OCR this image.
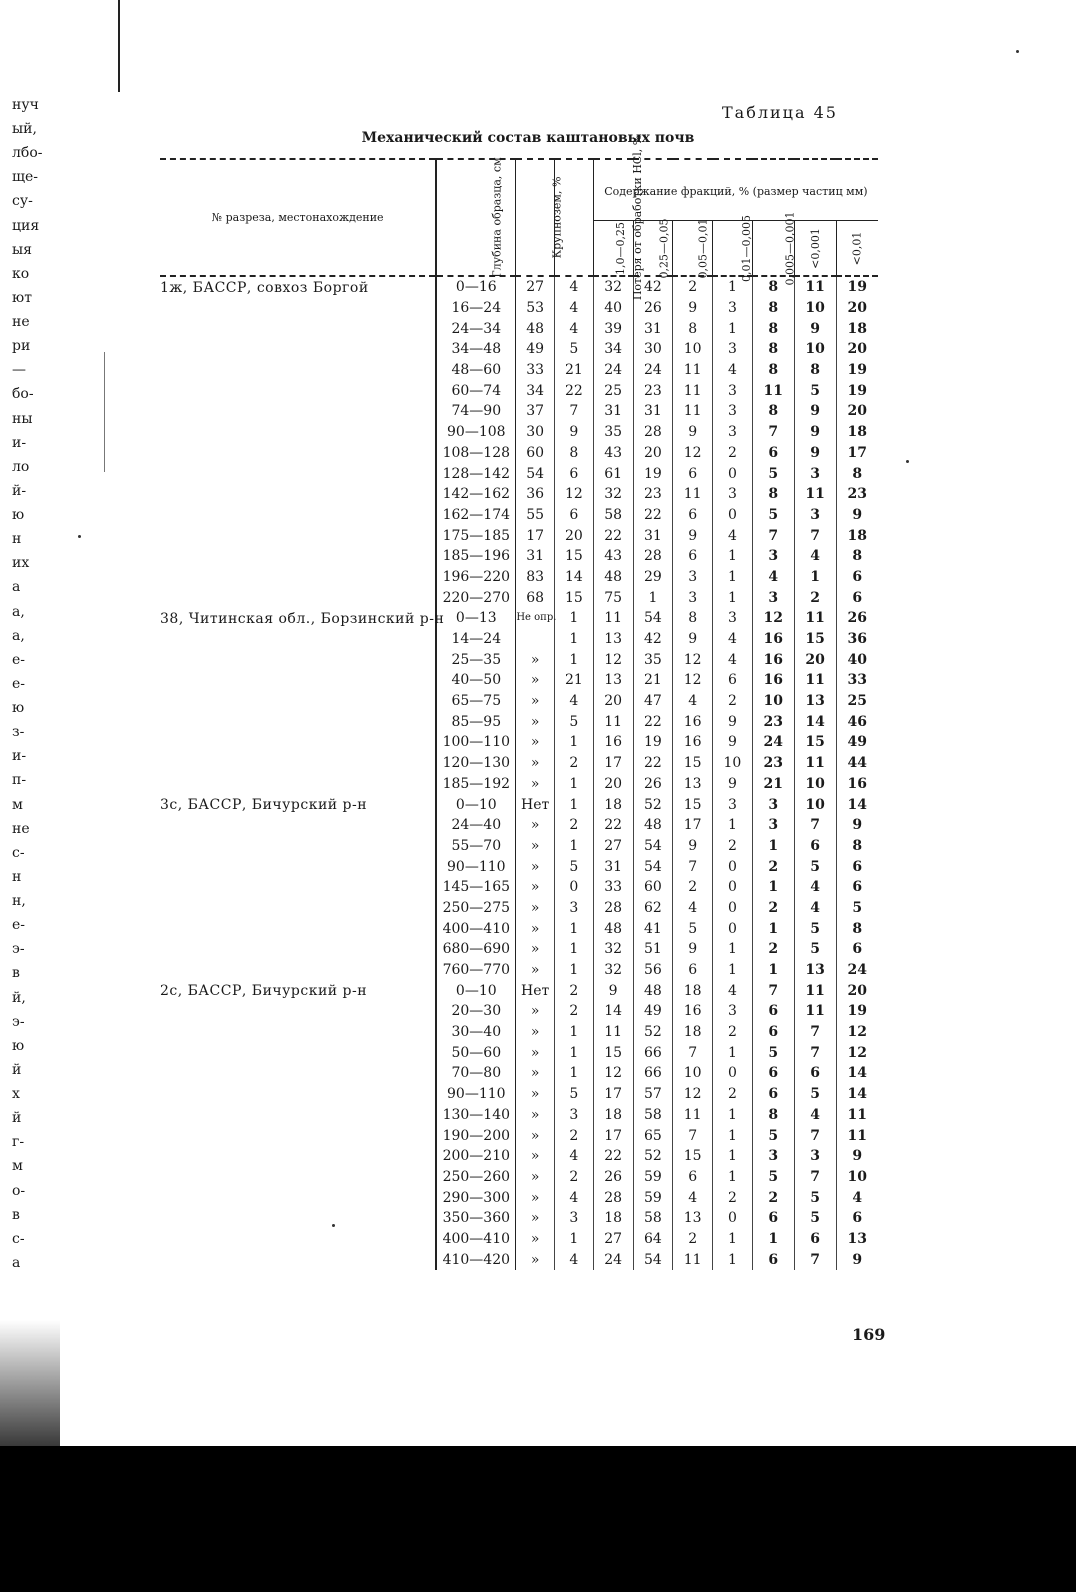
нуч
ый,
лбо-
ще-
су-
ция
ыя
ко
ют
не
ри
—
бо-
ны
и-
ло
й-
ю
н
их
а
а,
а,
е-
е-
ю
з-
и-
п-
м
не
с-
н
н,
е-
э-
в
й,
э-
ю
й
х
й
г-
м
о-
в
с-
а
Таблица 45
Механический состав каштановых почв
№ разреза, местонахождение	Глубина образца, см	Крупнозем, %	Потеря от обработки HCl, %	Содержание фракций, % (размер частиц мм)						
				1,0—0,25	0,25—0,05	0,05—0,01	0,01—0,005	0,005—0,001	<0,001	<0,01
1ж, БАССР, совхоз Боргой	0—16	27	4	32	42	2	1	8	11	19
	16—24	53	4	40	26	9	3	8	10	20
	24—34	48	4	39	31	8	1	8	9	18
	34—48	49	5	34	30	10	3	8	10	20
	48—60	33	21	24	24	11	4	8	8	19
	60—74	34	22	25	23	11	3	11	5	19
	74—90	37	7	31	31	11	3	8	9	20
	90—108	30	9	35	28	9	3	7	9	18
	108—128	60	8	43	20	12	2	6	9	17
	128—142	54	6	61	19	6	0	5	3	8
	142—162	36	12	32	23	11	3	8	11	23
	162—174	55	6	58	22	6	0	5	3	9
	175—185	17	20	22	31	9	4	7	7	18
	185—196	31	15	43	28	6	1	3	4	8
	196—220	83	14	48	29	3	1	4	1	6
	220—270	68	15	75	1	3	1	3	2	6
38, Читинская обл., Борзинский р-н	0—13	Не опр.	1	11	54	8	3	12	11	26
	14—24		1	13	42	9	4	16	15	36
	25—35	»	1	12	35	12	4	16	20	40
	40—50	»	21	13	21	12	6	16	11	33
	65—75	»	4	20	47	4	2	10	13	25
	85—95	»	5	11	22	16	9	23	14	46
	100—110	»	1	16	19	16	9	24	15	49
	120—130	»	2	17	22	15	10	23	11	44
	185—192	»	1	20	26	13	9	21	10	16
3с, БАССР, Бичурский р-н	0—10	Нет	1	18	52	15	3	3	10	14
	24—40	»	2	22	48	17	1	3	7	9
	55—70	»	1	27	54	9	2	1	6	8
	90—110	»	5	31	54	7	0	2	5	6
	145—165	»	0	33	60	2	0	1	4	6
	250—275	»	3	28	62	4	0	2	4	5
	400—410	»	1	48	41	5	0	1	5	8
	680—690	»	1	32	51	9	1	2	5	6
	760—770	»	1	32	56	6	1	1	13	24
2с, БАССР, Бичурский р-н	0—10	Нет	2	9	48	18	4	7	11	20
	20—30	»	2	14	49	16	3	6	11	19
	30—40	»	1	11	52	18	2	6	7	12
	50—60	»	1	15	66	7	1	5	7	12
	70—80	»	1	12	66	10	0	6	6	14
	90—110	»	5	17	57	12	2	6	5	14
	130—140	»	3	18	58	11	1	8	4	11
	190—200	»	2	17	65	7	1	5	7	11
	200—210	»	4	22	52	15	1	3	3	9
	250—260	»	2	26	59	6	1	5	7	10
	290—300	»	4	28	59	4	2	2	5	4
	350—360	»	3	18	58	13	0	6	5	6
	400—410	»	1	27	64	2	1	1	6	13
	410—420	»	4	24	54	11	1	6	7	9
169
